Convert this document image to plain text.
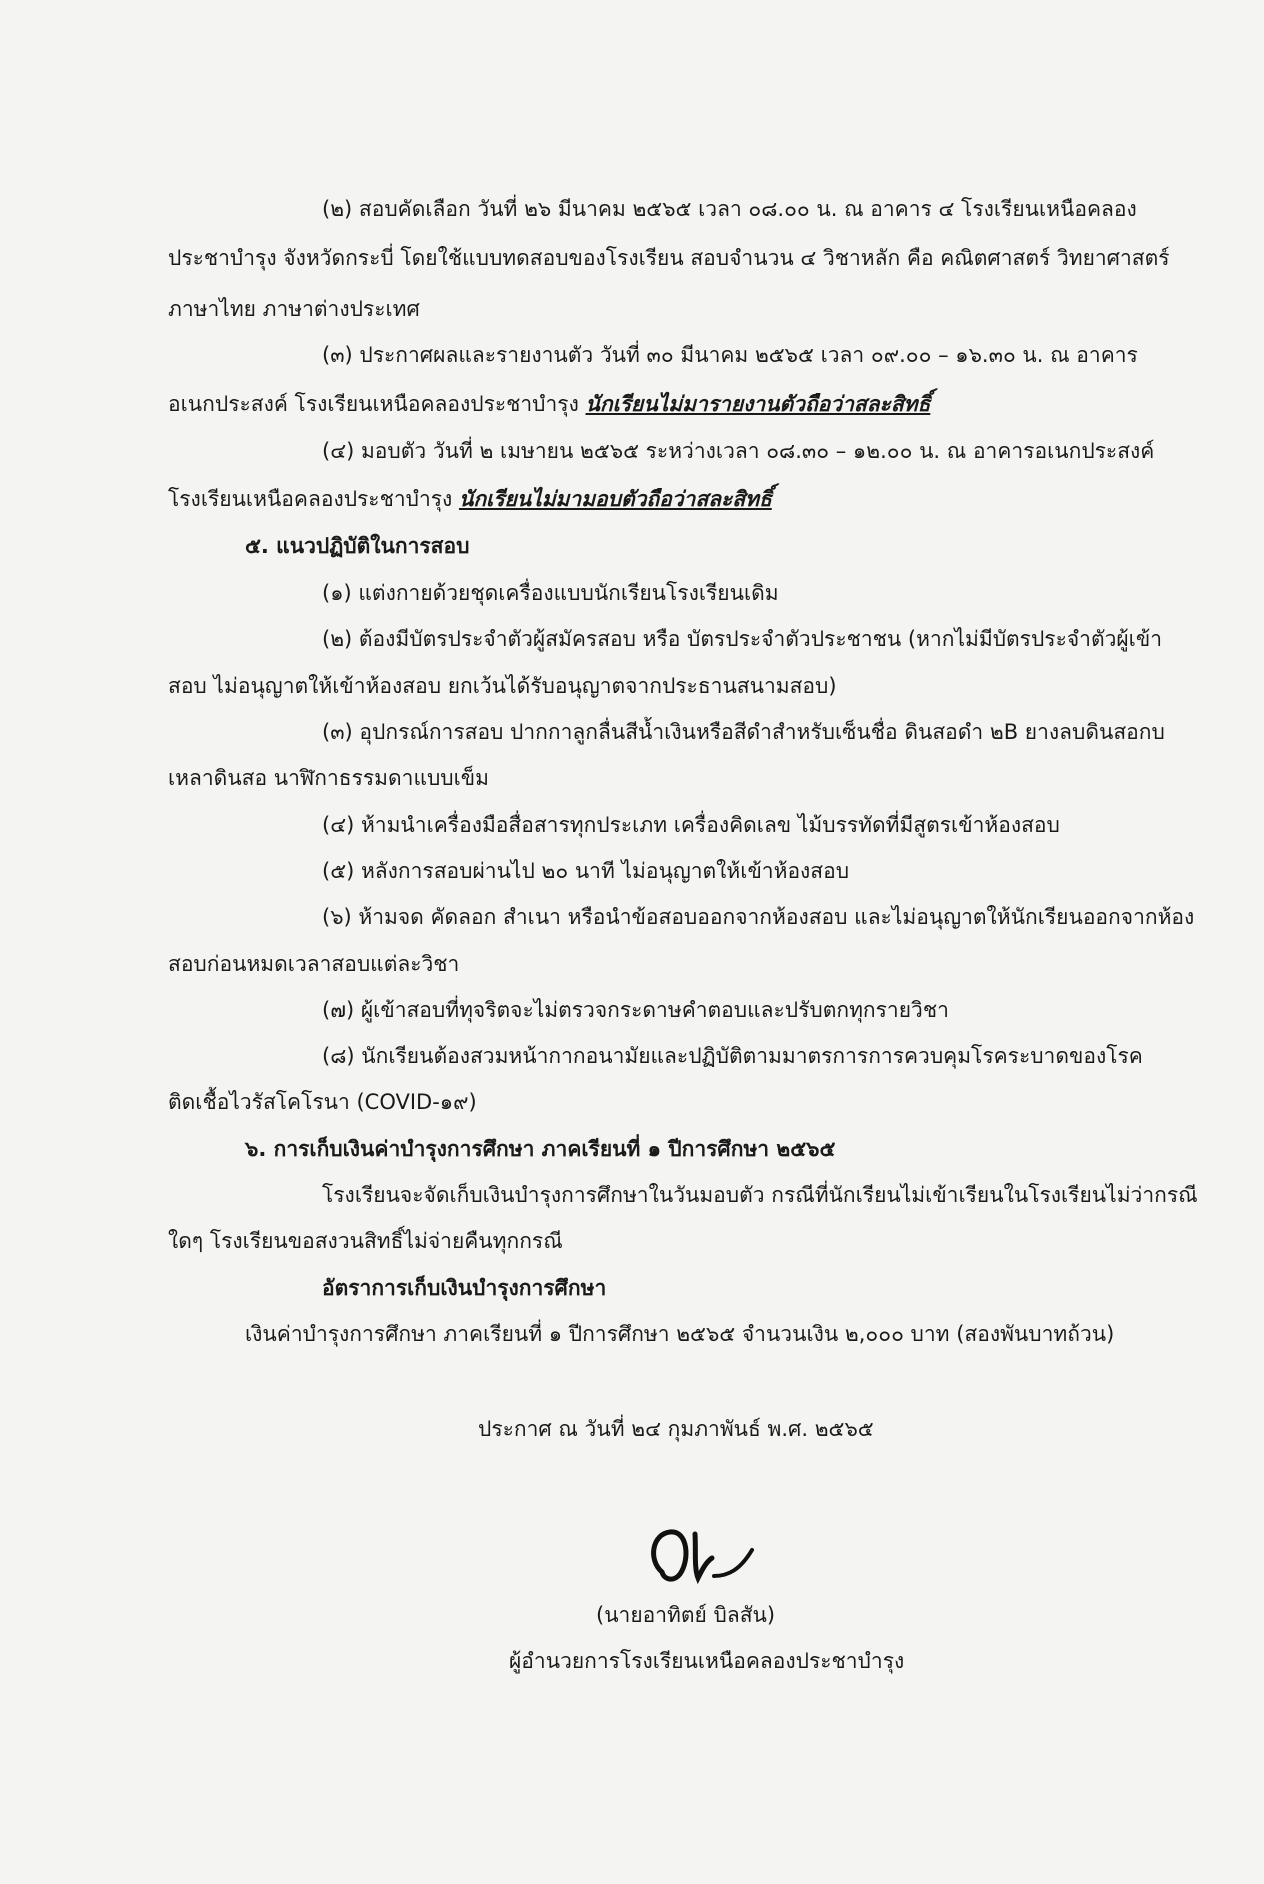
(๒) สอบคัดเลือก วันที่ ๒๖ มีนาคม ๒๕๖๕ เวลา ๐๘.๐๐ น. ณ อาคาร ๔ โรงเรียนเหนือคลอง
ประชาบำรุง จังหวัดกระบี่ โดยใช้แบบทดสอบของโรงเรียน สอบจำนวน ๔ วิชาหลัก คือ คณิตศาสตร์ วิทยาศาสตร์
ภาษาไทย ภาษาต่างประเทศ
(๓) ประกาศผลและรายงานตัว วันที่ ๓๐ มีนาคม ๒๕๖๕ เวลา ๐๙.๐๐ – ๑๖.๓๐ น. ณ อาคาร
อเนกประสงค์ โรงเรียนเหนือคลองประชาบำรุง นักเรียนไม่มารายงานตัวถือว่าสละสิทธิ์
(๔) มอบตัว วันที่ ๒ เมษายน ๒๕๖๕ ระหว่างเวลา ๐๘.๓๐ – ๑๒.๐๐ น. ณ อาคารอเนกประสงค์
โรงเรียนเหนือคลองประชาบำรุง นักเรียนไม่มามอบตัวถือว่าสละสิทธิ์
๕. แนวปฏิบัติในการสอบ
(๑) แต่งกายด้วยชุดเครื่องแบบนักเรียนโรงเรียนเดิม
(๒) ต้องมีบัตรประจำตัวผู้สมัครสอบ หรือ บัตรประจำตัวประชาชน (หากไม่มีบัตรประจำตัวผู้เข้า
สอบ ไม่อนุญาตให้เข้าห้องสอบ ยกเว้นได้รับอนุญาตจากประธานสนามสอบ)
(๓) อุปกรณ์การสอบ ปากกาลูกลื่นสีน้ำเงินหรือสีดำสำหรับเซ็นชื่อ ดินสอดำ ๒B ยางลบดินสอกบ
เหลาดินสอ นาฬิกาธรรมดาแบบเข็ม
(๔) ห้ามนำเครื่องมือสื่อสารทุกประเภท เครื่องคิดเลข ไม้บรรทัดที่มีสูตรเข้าห้องสอบ
(๕) หลังการสอบผ่านไป ๒๐ นาที ไม่อนุญาตให้เข้าห้องสอบ
(๖) ห้ามจด คัดลอก สำเนา หรือนำข้อสอบออกจากห้องสอบ และไม่อนุญาตให้นักเรียนออกจากห้อง
สอบก่อนหมดเวลาสอบแต่ละวิชา
(๗) ผู้เข้าสอบที่ทุจริตจะไม่ตรวจกระดาษคำตอบและปรับตกทุกรายวิชา
(๘) นักเรียนต้องสวมหน้ากากอนามัยและปฏิบัติตามมาตรการการควบคุมโรคระบาดของโรค
ติดเชื้อไวรัสโคโรนา (COVID-๑๙)
๖. การเก็บเงินค่าบำรุงการศึกษา ภาคเรียนที่ ๑ ปีการศึกษา ๒๕๖๕
โรงเรียนจะจัดเก็บเงินบำรุงการศึกษาในวันมอบตัว กรณีที่นักเรียนไม่เข้าเรียนในโรงเรียนไม่ว่ากรณี
ใดๆ โรงเรียนขอสงวนสิทธิ์ไม่จ่ายคืนทุกกรณี
อัตราการเก็บเงินบำรุงการศึกษา
เงินค่าบำรุงการศึกษา ภาคเรียนที่ ๑ ปีการศึกษา ๒๕๖๕ จำนวนเงิน ๒,๐๐๐ บาท (สองพันบาทถ้วน)
ประกาศ ณ วันที่ ๒๔ กุมภาพันธ์ พ.ศ. ๒๕๖๕
(นายอาทิตย์ บิลสัน)
ผู้อำนวยการโรงเรียนเหนือคลองประชาบำรุง
